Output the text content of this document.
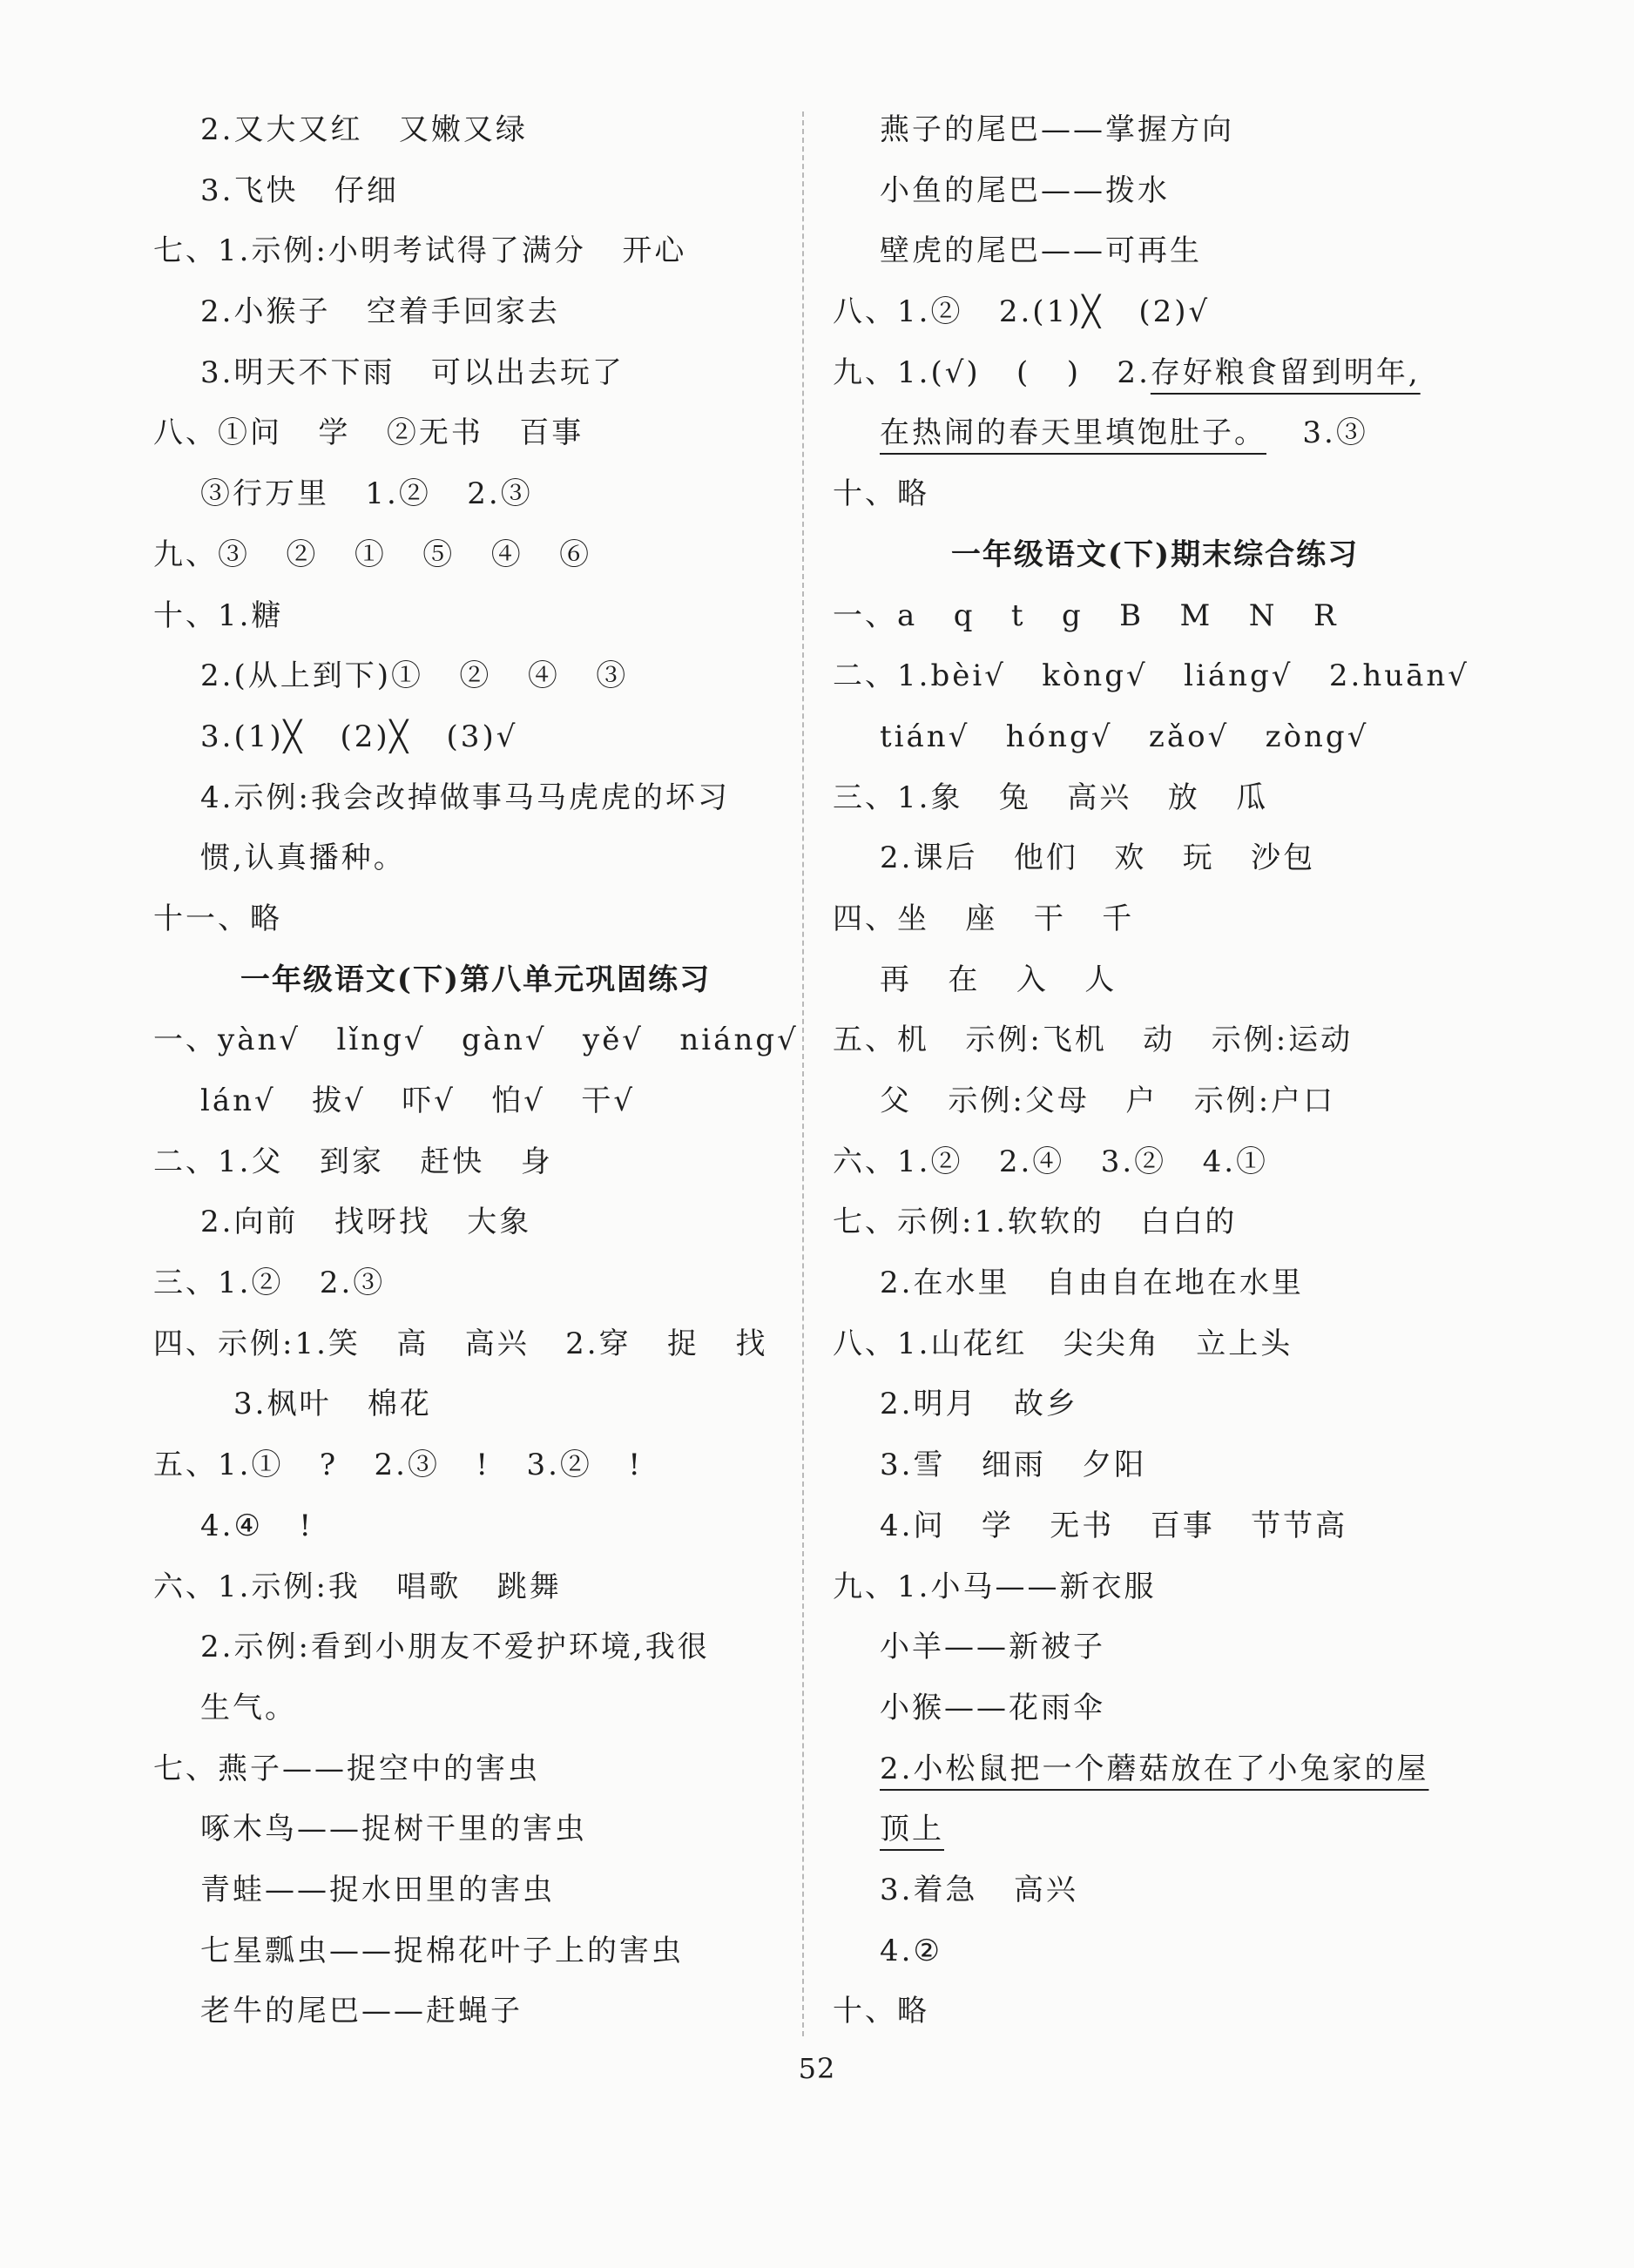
2.又大又红   又嫩又绿
3.飞快   仔细
七、1.示例:小明考试得了满分   开心
2.小猴子   空着手回家去
3.明天不下雨   可以出去玩了
八、①问   学   ②无书   百事
③行万里   1.②   2.③
九、③   ②   ①   ⑤   ④   ⑥
十、1.糖
2.(从上到下)①   ②   ④   ③
3.(1)╳   (2)╳   (3)√
4.示例:我会改掉做事马马虎虎的坏习
惯,认真播种。
十一、略
一年级语文(下)第八单元巩固练习
一、yàn√   lǐng√   gàn√   yě√   niáng√
lán√   拔√   吓√   怕√   干√
二、1.父   到家   赶快   身
2.向前   找呀找   大象
三、1.②   2.③
四、示例:1.笑   高   高兴   2.穿   捉   找
3.枫叶   棉花
五、1.①   ?   2.③   !   3.②   !
4.④   !
六、1.示例:我   唱歌   跳舞
2.示例:看到小朋友不爱护环境,我很
生气。
七、燕子——捉空中的害虫
啄木鸟——捉树干里的害虫
青蛙——捉水田里的害虫
七星瓢虫——捉棉花叶子上的害虫
老牛的尾巴——赶蝇子
燕子的尾巴——掌握方向
小鱼的尾巴——拨水
壁虎的尾巴——可再生
八、1.②   2.(1)╳   (2)√
九、1.(√)   (   )   2.存好粮食留到明年,
在热闹的春天里填饱肚子。   3.③
十、略
一年级语文(下)期末综合练习
一、a   q   t   g   B   M   N   R
二、1.bèi√   kòng√   liáng√   2.huān√
tián√   hóng√   zǎo√   zòng√
三、1.象   兔   高兴   放   瓜
2.课后   他们   欢   玩   沙包
四、坐   座   干   千
再   在   入   人
五、机   示例:飞机   动   示例:运动
父   示例:父母   户   示例:户口
六、1.②   2.④   3.②   4.①
七、示例:1.软软的   白白的
2.在水里   自由自在地在水里
八、1.山花红   尖尖角   立上头
2.明月   故乡
3.雪   细雨   夕阳
4.问   学   无书   百事   节节高
九、1.小马——新衣服
小羊——新被子
小猴——花雨伞
2.小松鼠把一个蘑菇放在了小兔家的屋
顶上
3.着急   高兴
4.②
十、略
52
